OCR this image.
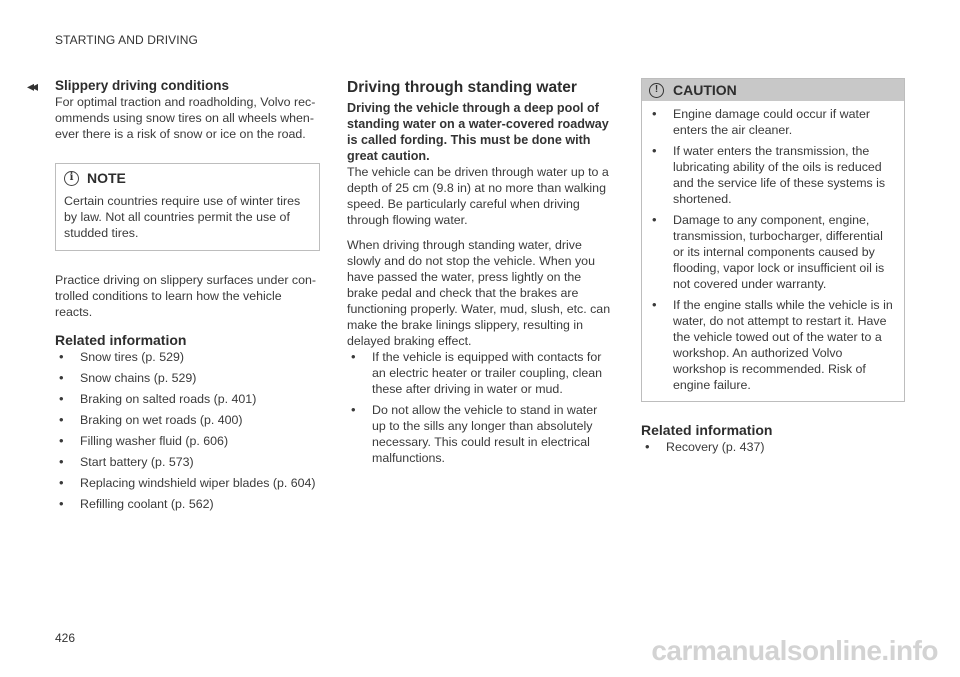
STARTING AND DRIVING
◂◂ Slippery driving conditions

For optimal traction and roadholding, Volvo recommends using snow tires on all wheels whenever there is a risk of snow or ice on the road.

i NOTE
Certain countries require use of winter tires by law. Not all countries permit the use of studded tires.

Practice driving on slippery surfaces under controlled conditions to learn how the vehicle reacts.

Related information
• Snow tires (p. 529)
• Snow chains (p. 529)
• Braking on salted roads (p. 401)
• Braking on wet roads (p. 400)
• Filling washer fluid (p. 606)
• Start battery (p. 573)
• Replacing windshield wiper blades (p. 604)
• Refilling coolant (p. 562)
Driving through standing water

Driving the vehicle through a deep pool of standing water on a water-covered roadway is called fording. This must be done with great caution.

The vehicle can be driven through water up to a depth of 25 cm (9.8 in) at no more than walking speed. Be particularly careful when driving through flowing water.

When driving through standing water, drive slowly and do not stop the vehicle. When you have passed the water, press lightly on the brake pedal and check that the brakes are functioning properly. Water, mud, slush, etc. can make the brake linings slippery, resulting in delayed braking effect.

• If the vehicle is equipped with contacts for an electric heater or trailer coupling, clean these after driving in water or mud.
• Do not allow the vehicle to stand in water up to the sills any longer than absolutely necessary. This could result in electrical malfunctions.
!	CAUTION
• Engine damage could occur if water enters the air cleaner.
• If water enters the transmission, the lubricating ability of the oils is reduced and the service life of these systems is shortened.
• Damage to any component, engine, transmission, turbocharger, differential or its internal components caused by flooding, vapor lock or insufficient oil is not covered under warranty.
• If the engine stalls while the vehicle is in water, do not attempt to restart it. Have the vehicle towed out of the water to a workshop. An authorized Volvo workshop is recommended. Risk of engine failure.
Related information
• Recovery (p. 437)
426	carmanualsonline.info
